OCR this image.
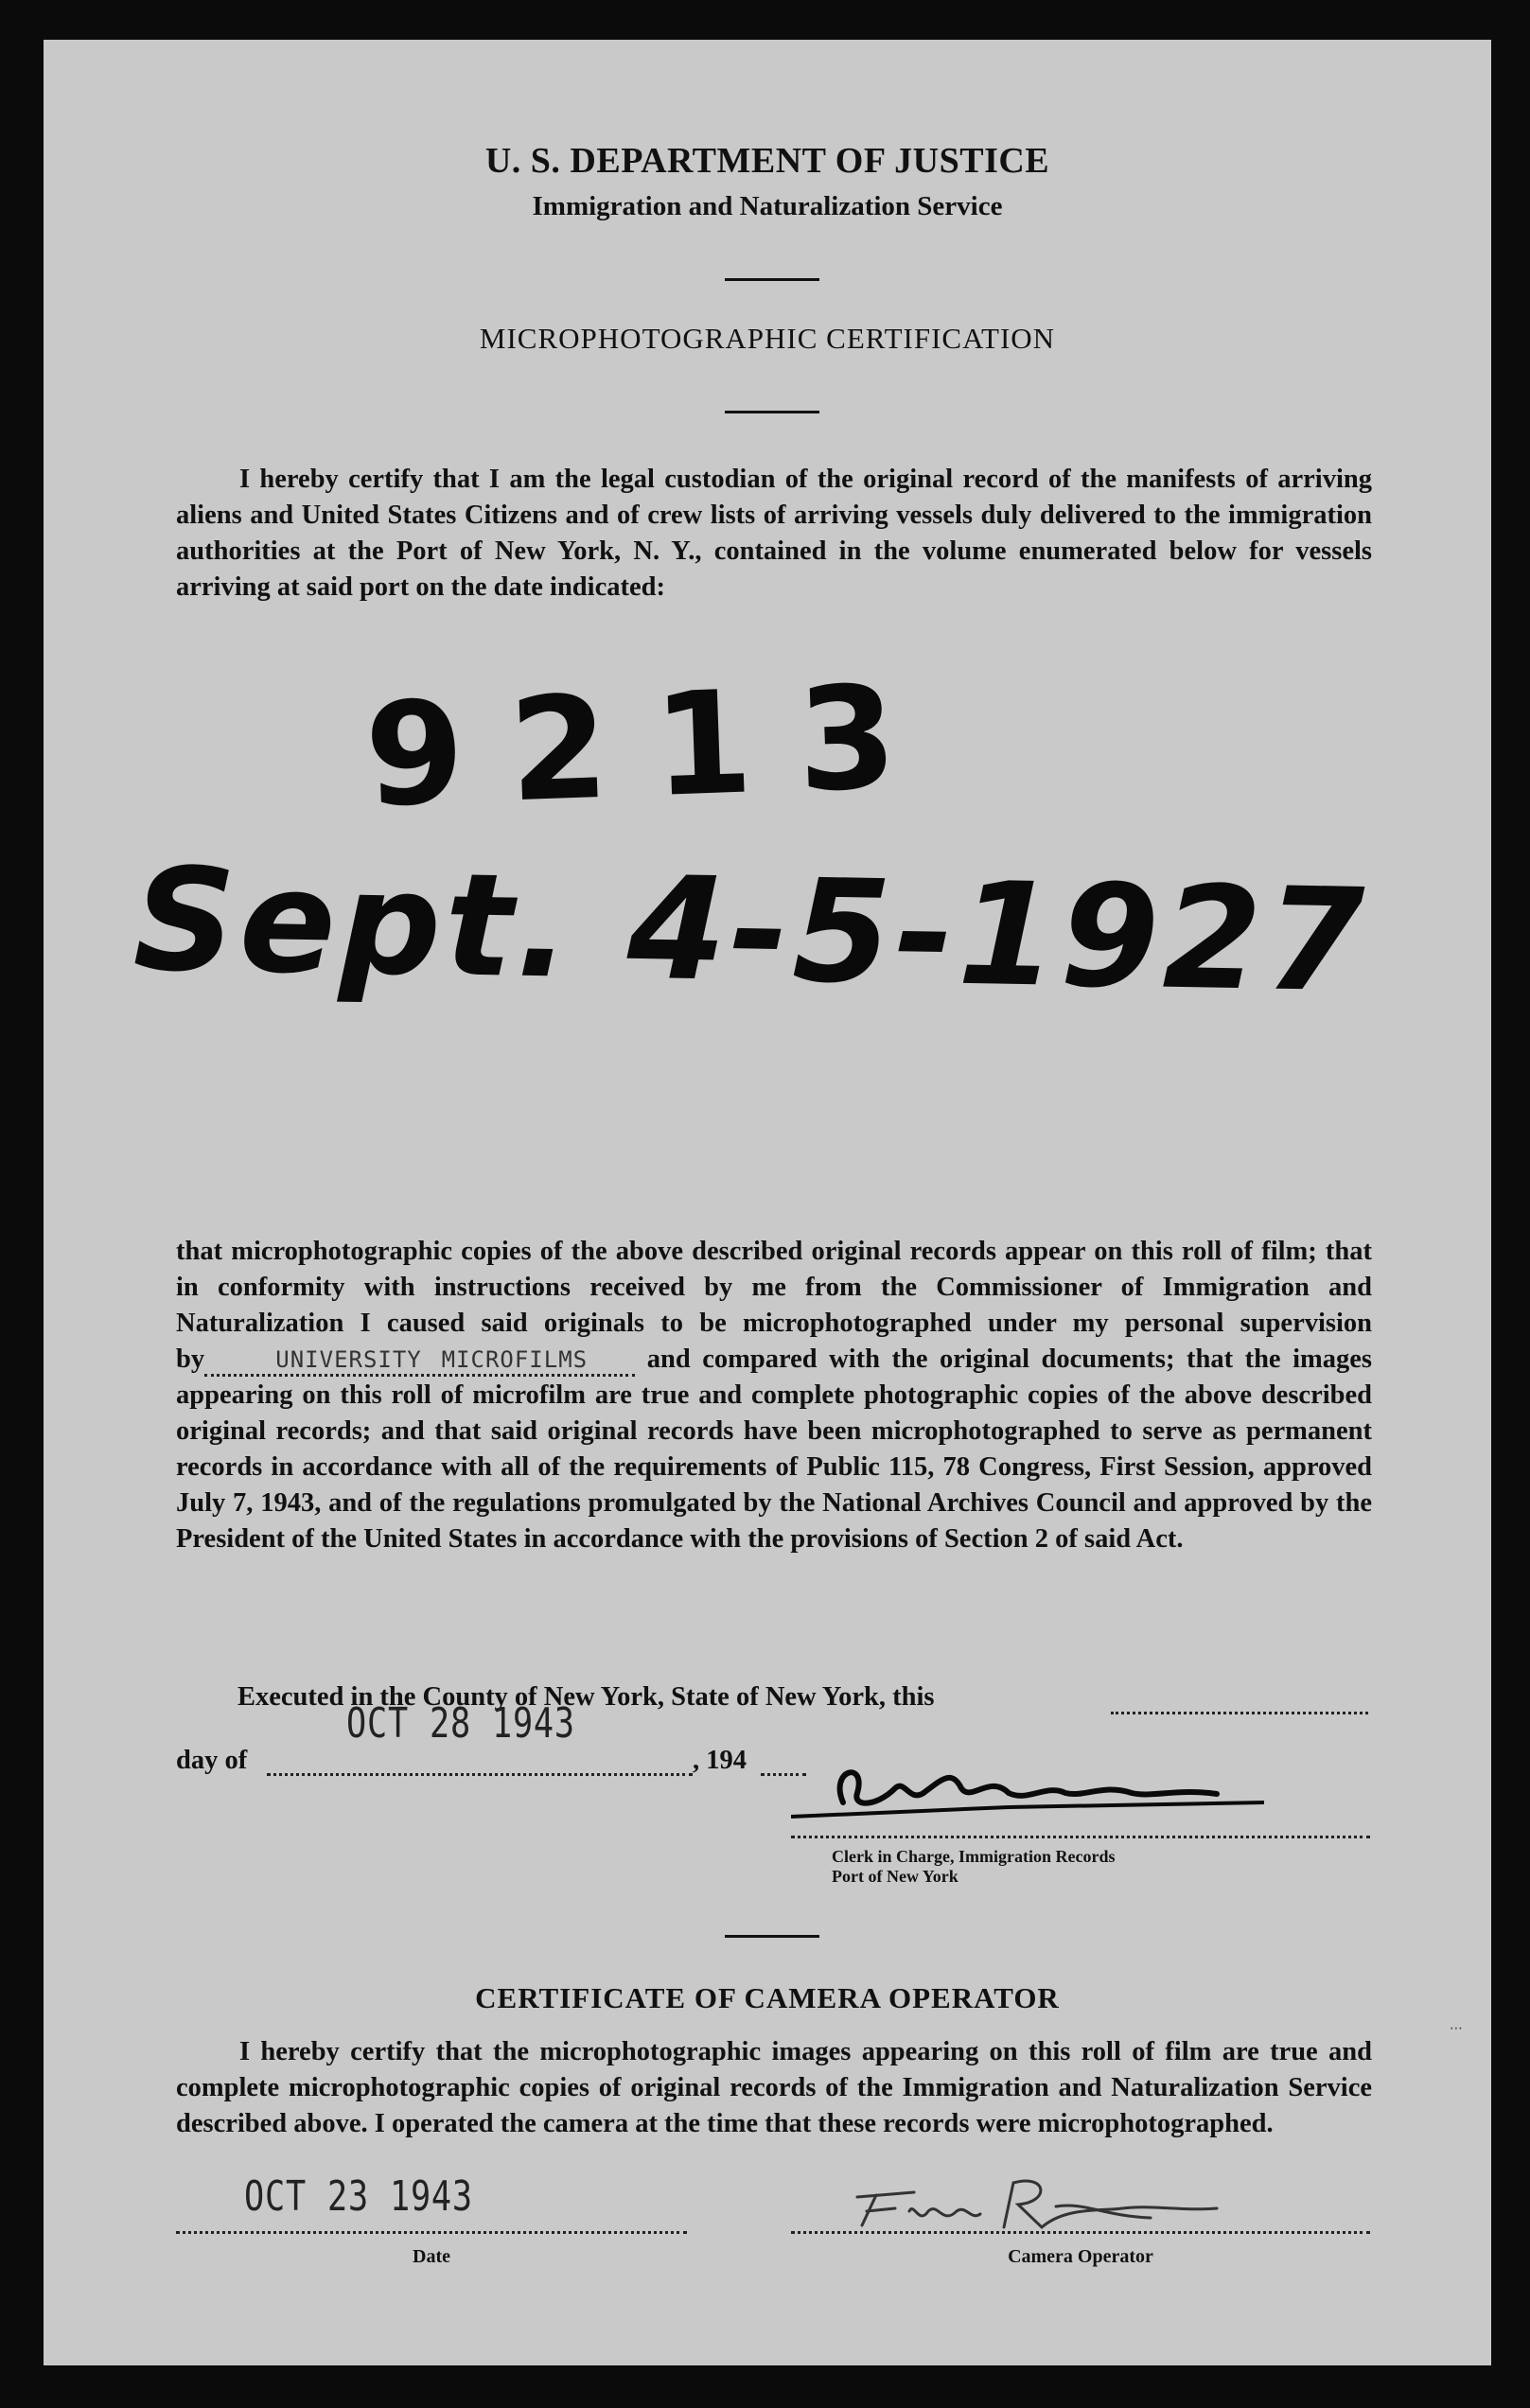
U. S. DEPARTMENT OF JUSTICE
Immigration and Naturalization Service
MICROPHOTOGRAPHIC CERTIFICATION

I hereby certify that I am the legal custodian of the original record of the manifests of arriving aliens and United States Citizens and of crew lists of arriving vessels duly delivered to the immigration authorities at the Port of New York, N. Y., contained in the volume enumerated below for vessels arriving at said port on the date indicated:

9213
Sept. 4-5-1927

that microphotographic copies of the above described original records appear on this roll of film; that in conformity with instructions received by me from the Commissioner of Immigration and Naturalization I caused said originals to be microphotographed under my personal supervision by	UNIVERSITY MICROFILMS and compared with the original documents; that the images appearing on this roll of microfilm are true and complete photographic copies of the above described original records; and that said original records have been microphotographed to serve as permanent records in accordance with all of the requirements of Public 115, 78 Congress, First Session, approved July 7, 1943, and of the regulations promulgated by the National Archives Council and approved by the President of the United States in accordance with the provisions of Section 2 of said Act.

Executed in the County of New York, State of New York, this
OCT 28 1943
day of	, 194
Clerk in Charge, Immigration Records
Port of New York
CERTIFICATE OF CAMERA OPERATOR

I hereby certify that the microphotographic images appearing on this roll of film are true and complete microphotographic copies of original records of the Immigration and Naturalization Service described above. I operated the camera at the time that these records were microphotographed.

OCT 23 1943
Date	Camera Operator
⋯
